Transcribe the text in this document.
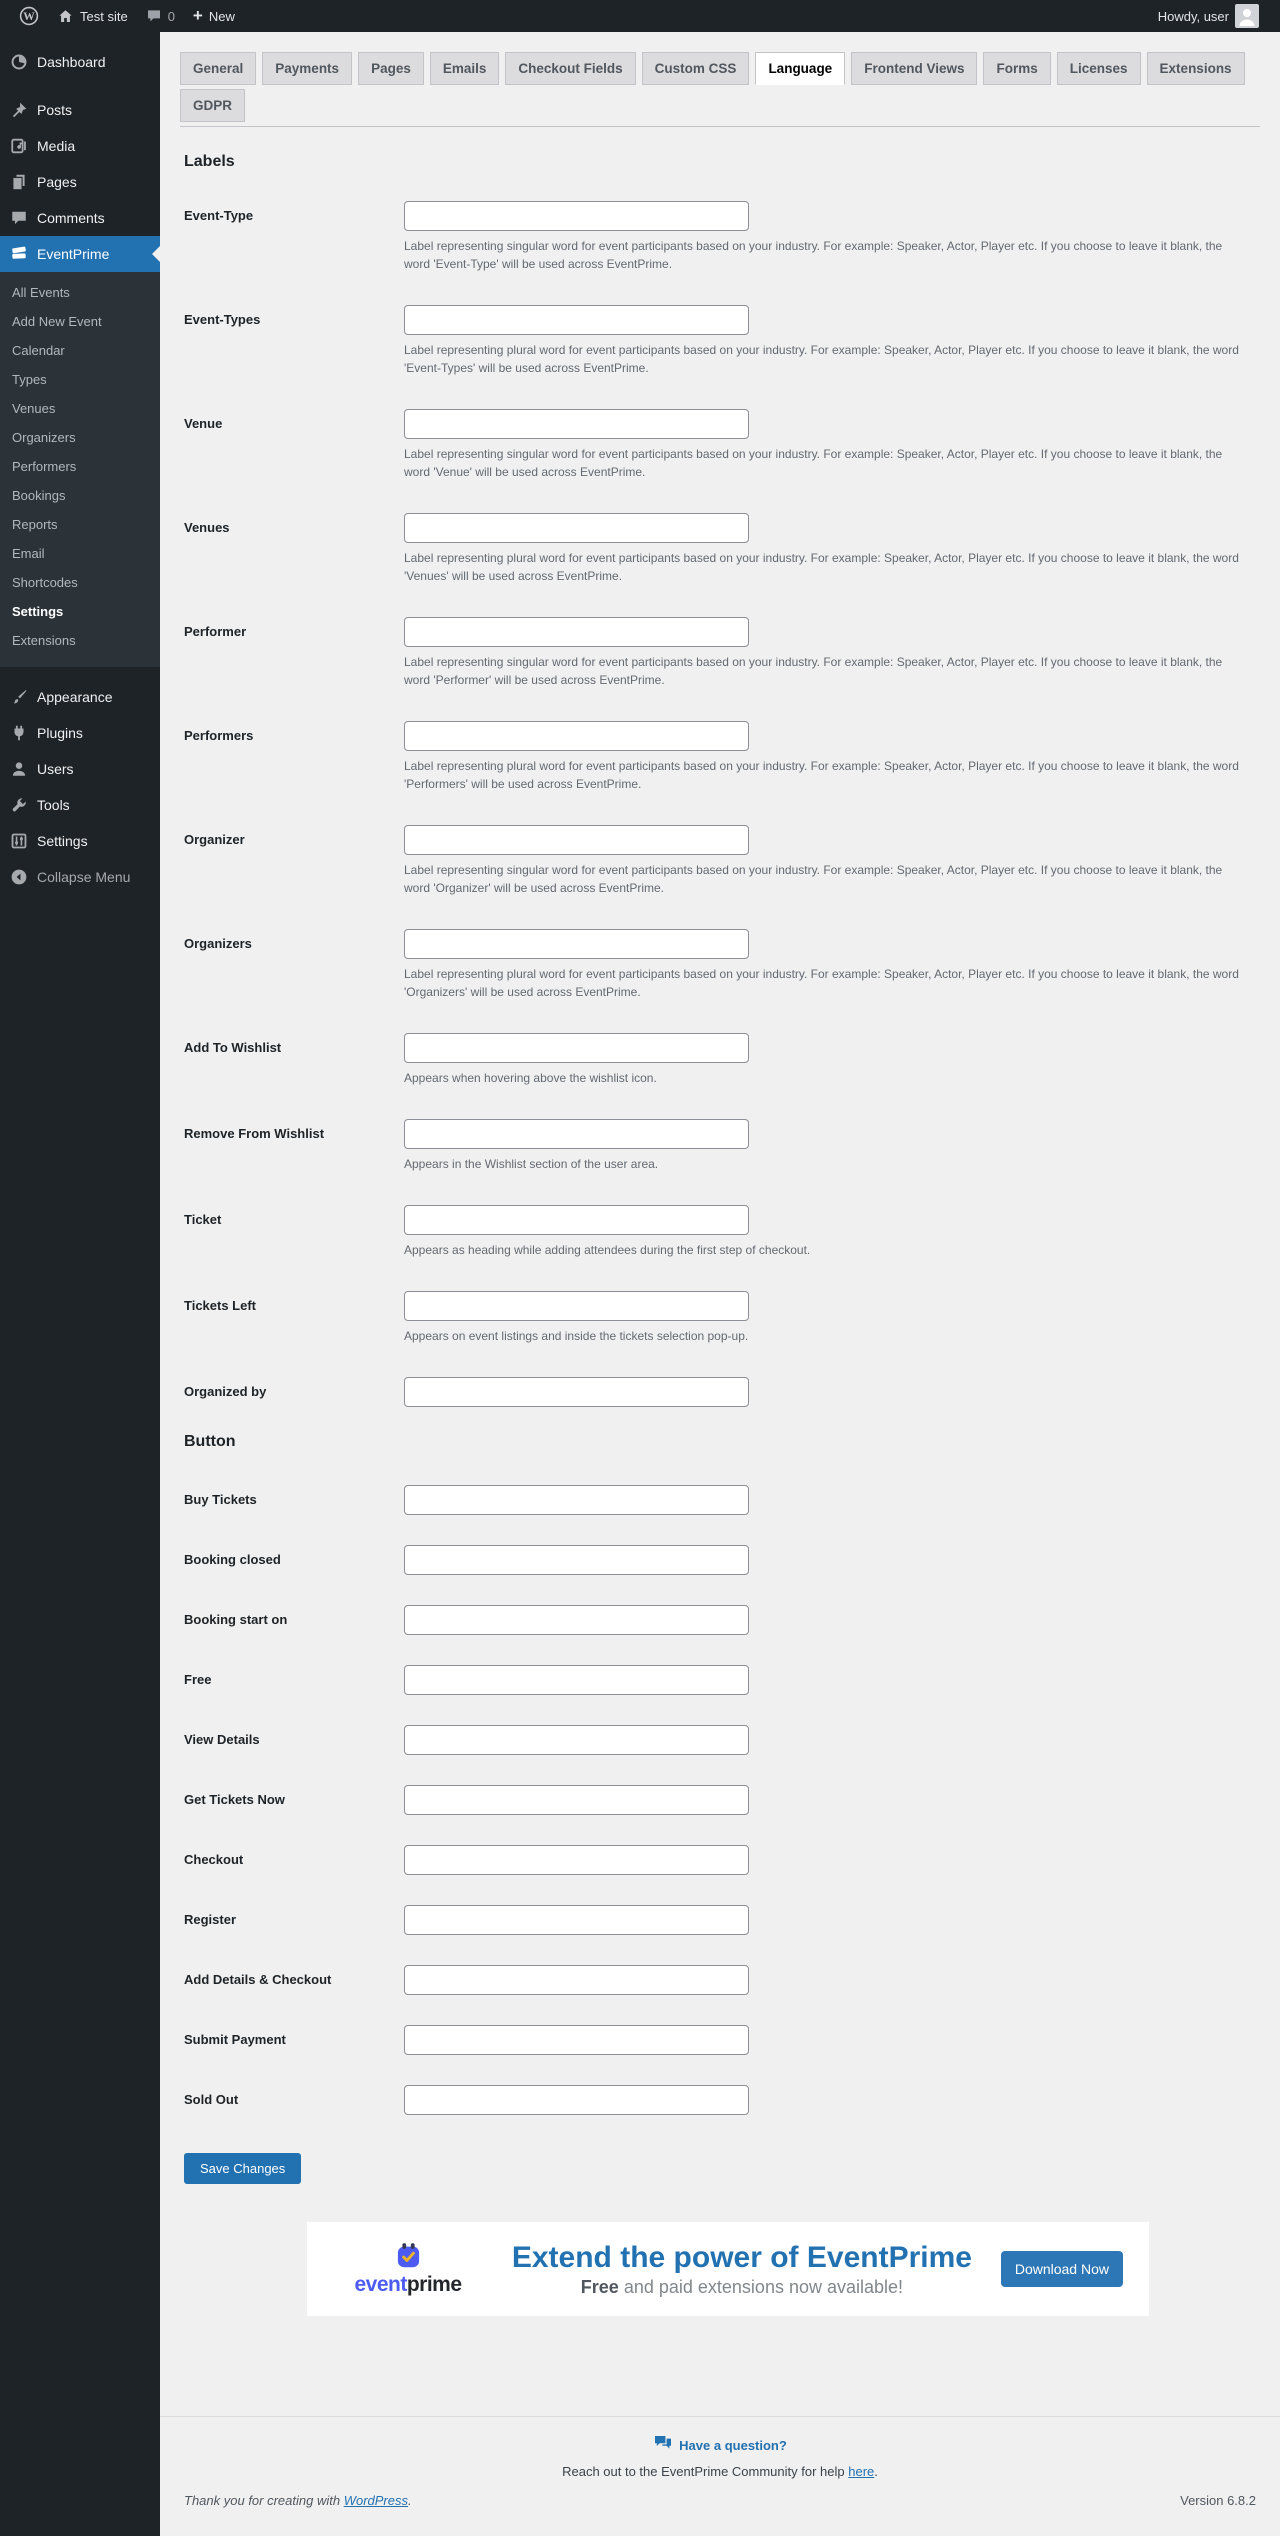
W	Test site	0 + New	Howdy, user
Dashboard
Posts
Media
Pages
Comments
EventPrime
All Events
Add New Event
Calendar
Types
Venues
Organizers
Performers
Bookings
Reports
Email
Shortcodes
Settings
Extensions
Appearance
Plugins
Users
Tools
Settings
Collapse Menu
General	Payments	Pages	Emails	Checkout Fields	Custom CSS	Language	Frontend Views	Forms	Licenses	Extensions
GDPR
Labels
Event-Type

Label representing singular word for event participants based on your industry. For example: Speaker, Actor, Player etc. If you choose to leave it blank, the word 'Event-Type' will be used across EventPrime.

Event-Types

Label representing plural word for event participants based on your industry. For example: Speaker, Actor, Player etc. If you choose to leave it blank, the word 'Event-Types' will be used across EventPrime.

Venue

Label representing singular word for event participants based on your industry. For example: Speaker, Actor, Player etc. If you choose to leave it blank, the word 'Venue' will be used across EventPrime.

Venues

Label representing plural word for event participants based on your industry. For example: Speaker, Actor, Player etc. If you choose to leave it blank, the word 'Venues' will be used across EventPrime.

Performer

Label representing singular word for event participants based on your industry. For example: Speaker, Actor, Player etc. If you choose to leave it blank, the word 'Performer' will be used across EventPrime.

Performers

Label representing plural word for event participants based on your industry. For example: Speaker, Actor, Player etc. If you choose to leave it blank, the word 'Performers' will be used across EventPrime.

Organizer

Label representing singular word for event participants based on your industry. For example: Speaker, Actor, Player etc. If you choose to leave it blank, the word 'Organizer' will be used across EventPrime.

Organizers

Label representing plural word for event participants based on your industry. For example: Speaker, Actor, Player etc. If you choose to leave it blank, the word 'Organizers' will be used across EventPrime.

Add To Wishlist

Appears when hovering above the wishlist icon.

Remove From Wishlist

Appears in the Wishlist section of the user area.

Ticket

Appears as heading while adding attendees during the first step of checkout.

Tickets Left

Appears on event listings and inside the tickets selection pop-up.

Organized by
Button
Buy Tickets
Booking closed
Booking start on
Free
View Details
Get Tickets Now
Checkout
Register
Add Details & Checkout
Submit Payment
Sold Out
Save Changes
eventprime
Extend the power of EventPrime
Free and paid extensions now available!
Download Now
Have a question?
Reach out to the EventPrime Community for help here.
Thank you for creating with WordPress.	Version 6.8.2
